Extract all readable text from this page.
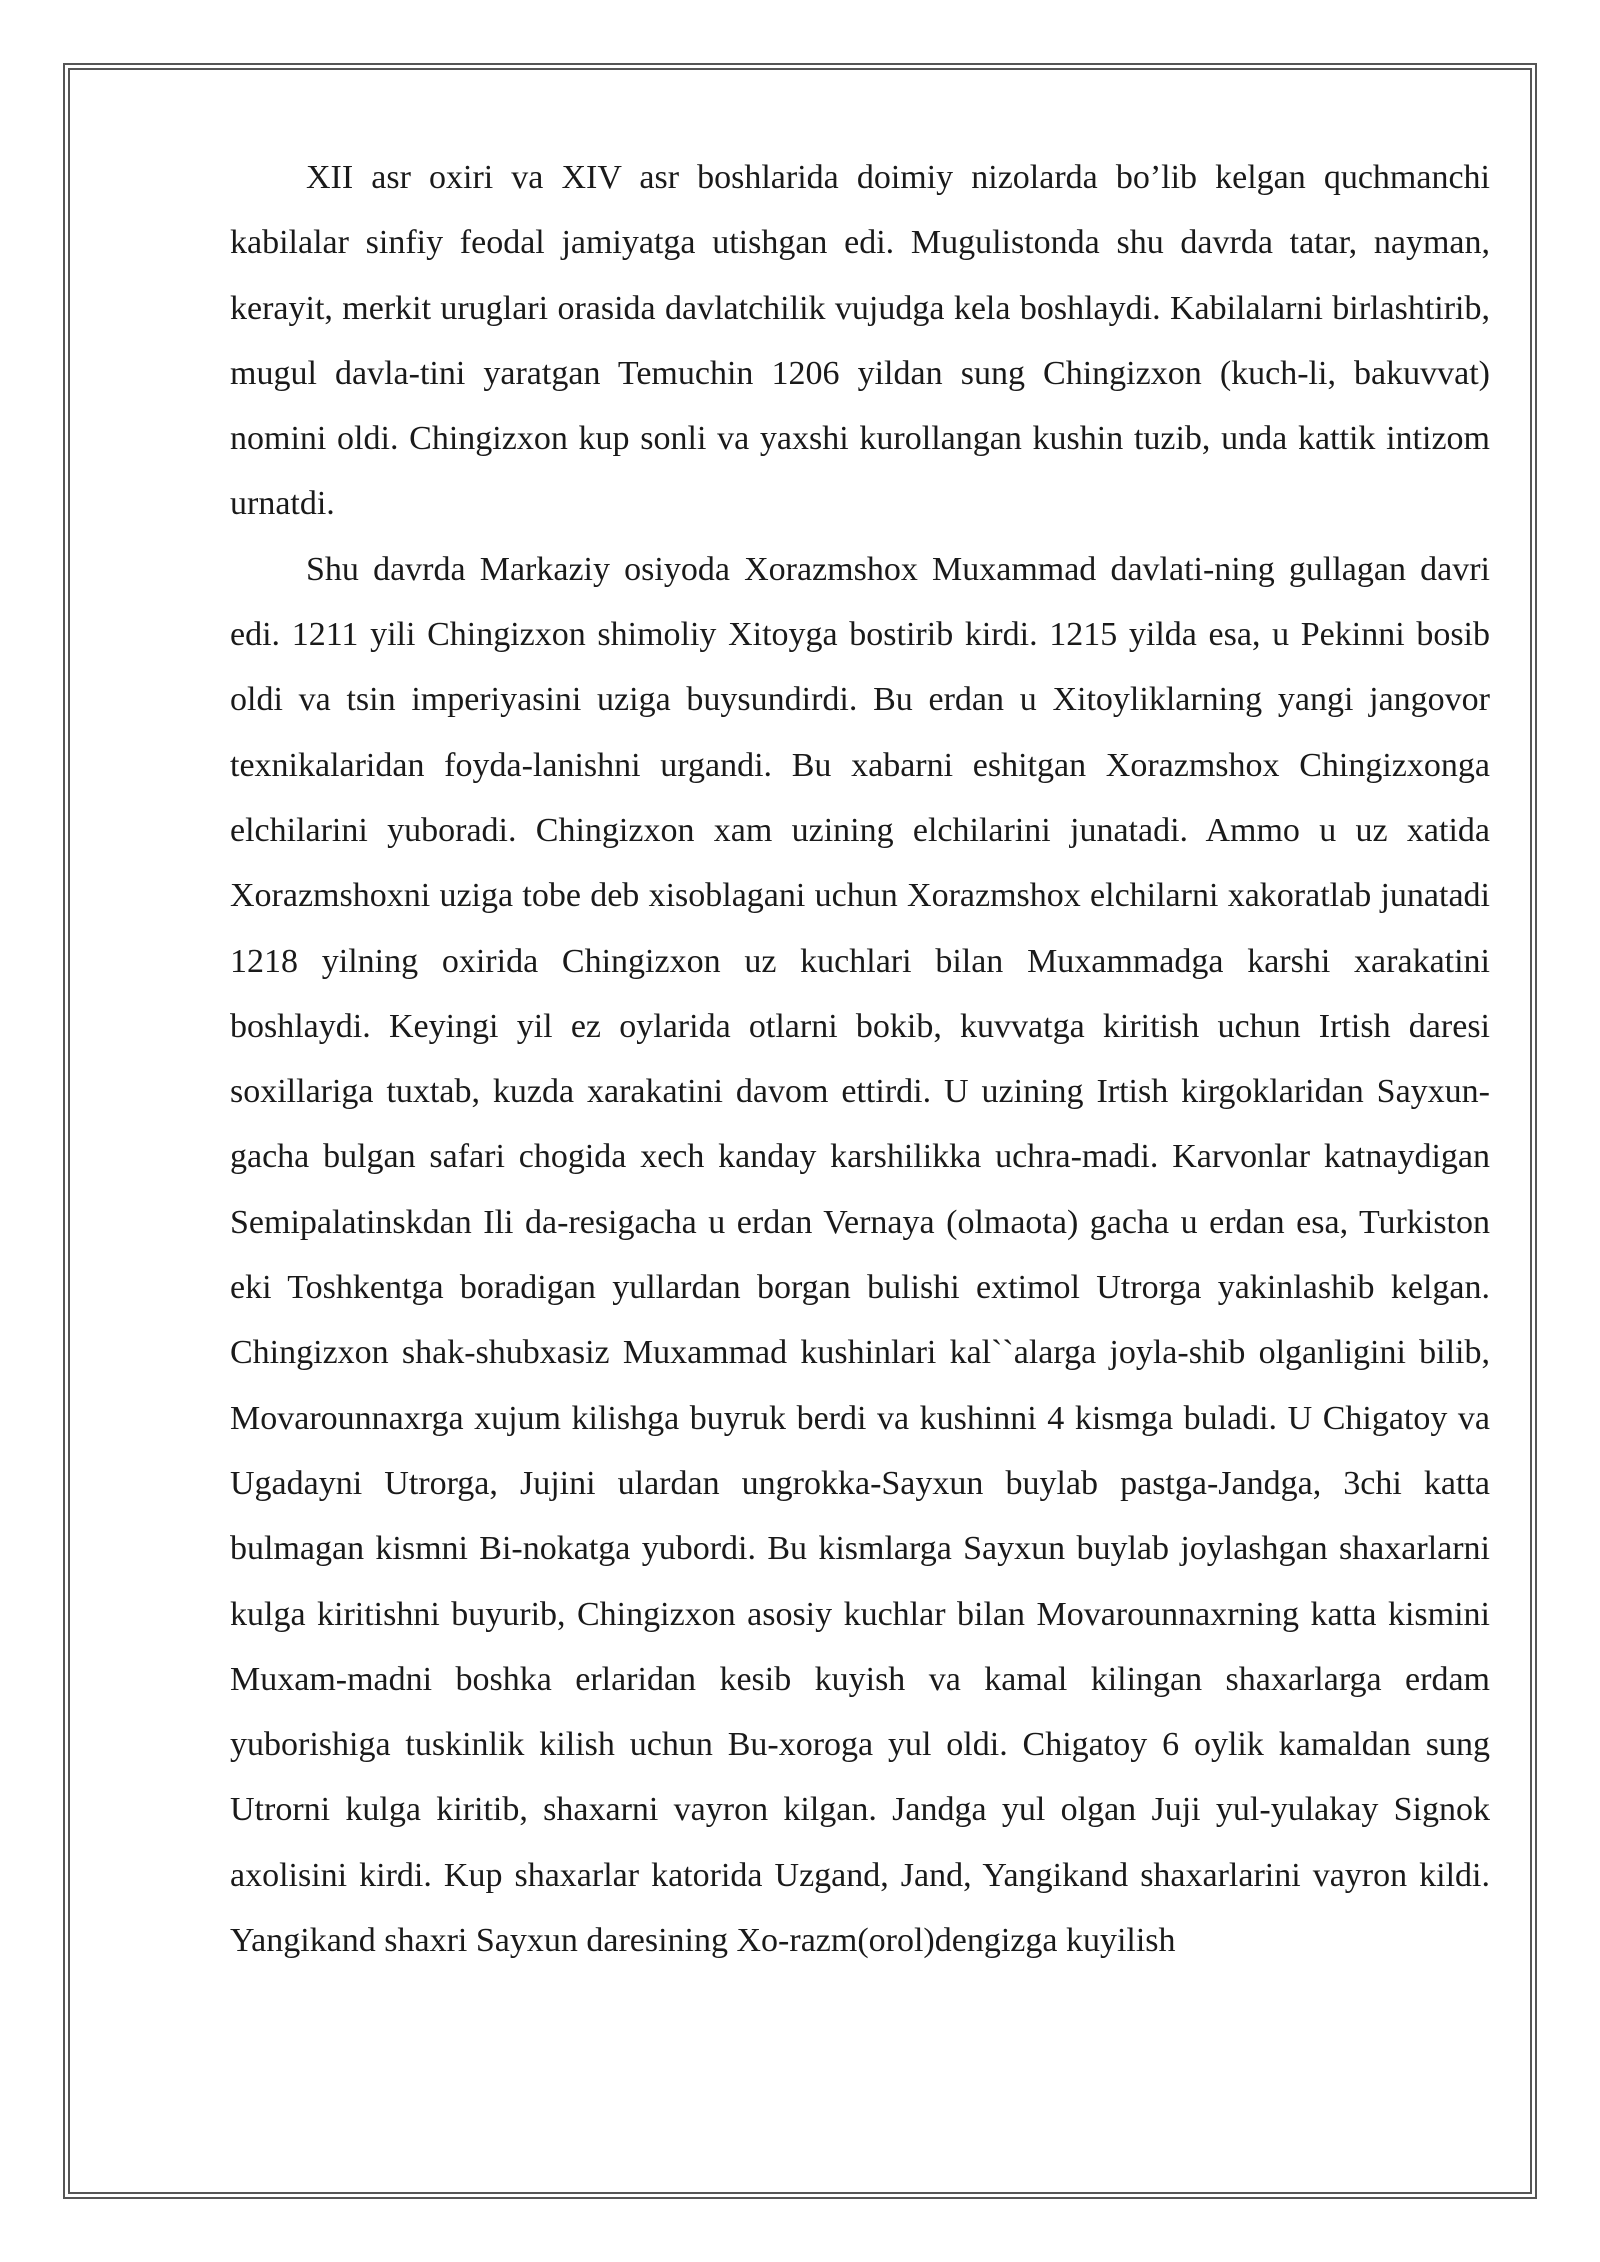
XII asr oxiri va XIV asr boshlarida doimiy nizolarda bo’lib kelgan quchmanchi kabilalar sinfiy feodal jamiyatga utishgan edi. Mugulistonda shu davrda tatar, nayman, kerayit, merkit uruglari orasida davlatchilik vujudga kela boshlaydi. Kabilalarni birlashtirib, mugul davla-tini yaratgan Temuchin 1206 yildan sung Chingizxon (kuch-li, bakuvvat) nomini oldi. Chingizxon kup sonli va yaxshi kurollangan kushin tuzib, unda kattik intizom urnatdi.

Shu davrda Markaziy osiyoda Xorazmshox Muxammad davlati-ning gullagan davri edi. 1211 yili Chingizxon shimoliy Xitoyga bostirib kirdi. 1215 yilda esa, u Pekinni bosib oldi va tsin imperiyasini uziga buysundirdi. Bu erdan u Xitoyliklarning yangi jangovor texnikalaridan foyda-lanishni urgandi. Bu xabarni eshitgan Xorazmshox Chingizxonga elchilarini yuboradi. Chingizxon xam uzining elchilarini junatadi. Ammo u uz xatida Xorazmshoxni uziga tobe deb xisoblagani uchun Xorazmshox elchilarni xakoratlab junatadi 1218 yilning oxirida Chingizxon uz kuchlari bilan Muxammadga karshi xarakatini boshlaydi. Keyingi yil ez oylarida otlarni bokib, kuvvatga kiritish uchun Irtish daresi soxillariga tuxtab, kuzda xarakatini davom ettirdi. U uzining Irtish kirgoklaridan Sayxun-gacha bulgan safari chogida xech kanday karshilikka uchra-madi. Karvonlar katnaydigan Semipalatinskdan Ili da-resigacha u erdan Vernaya (olmaota) gacha u erdan esa, Turkiston eki Toshkentga boradigan yullardan borgan bulishi extimol Utrorga yakinlashib kelgan. Chingizxon shak-shubxasiz Muxammad kushinlari kal``alarga joyla-shib olganligini bilib, Movarounnaxrga xujum kilishga buyruk berdi va kushinni 4 kismga buladi. U Chigatoy va Ugadayni Utrorga, Jujini ulardan ungrokka-Sayxun buylab pastga-Jandga, 3chi katta bulmagan kismni Bi-nokatga yubordi. Bu kismlarga Sayxun buylab joylashgan shaxarlarni kulga kiritishni buyurib, Chingizxon asosiy kuchlar bilan Movarounnaxrning katta kismini Muxam-madni boshka erlaridan kesib kuyish va kamal kilingan shaxarlarga erdam yuborishiga tuskinlik kilish uchun Bu-xoroga yul oldi. Chigatoy 6 oylik kamaldan sung Utrorni kulga kiritib, shaxarni vayron kilgan. Jandga yul olgan Juji yul-yulakay Signok axolisini kirdi. Kup shaxarlar katorida Uzgand, Jand, Yangikand shaxarlarini vayron kildi. Yangikand shaxri Sayxun daresining Xo-razm(orol)dengizga kuyilish
